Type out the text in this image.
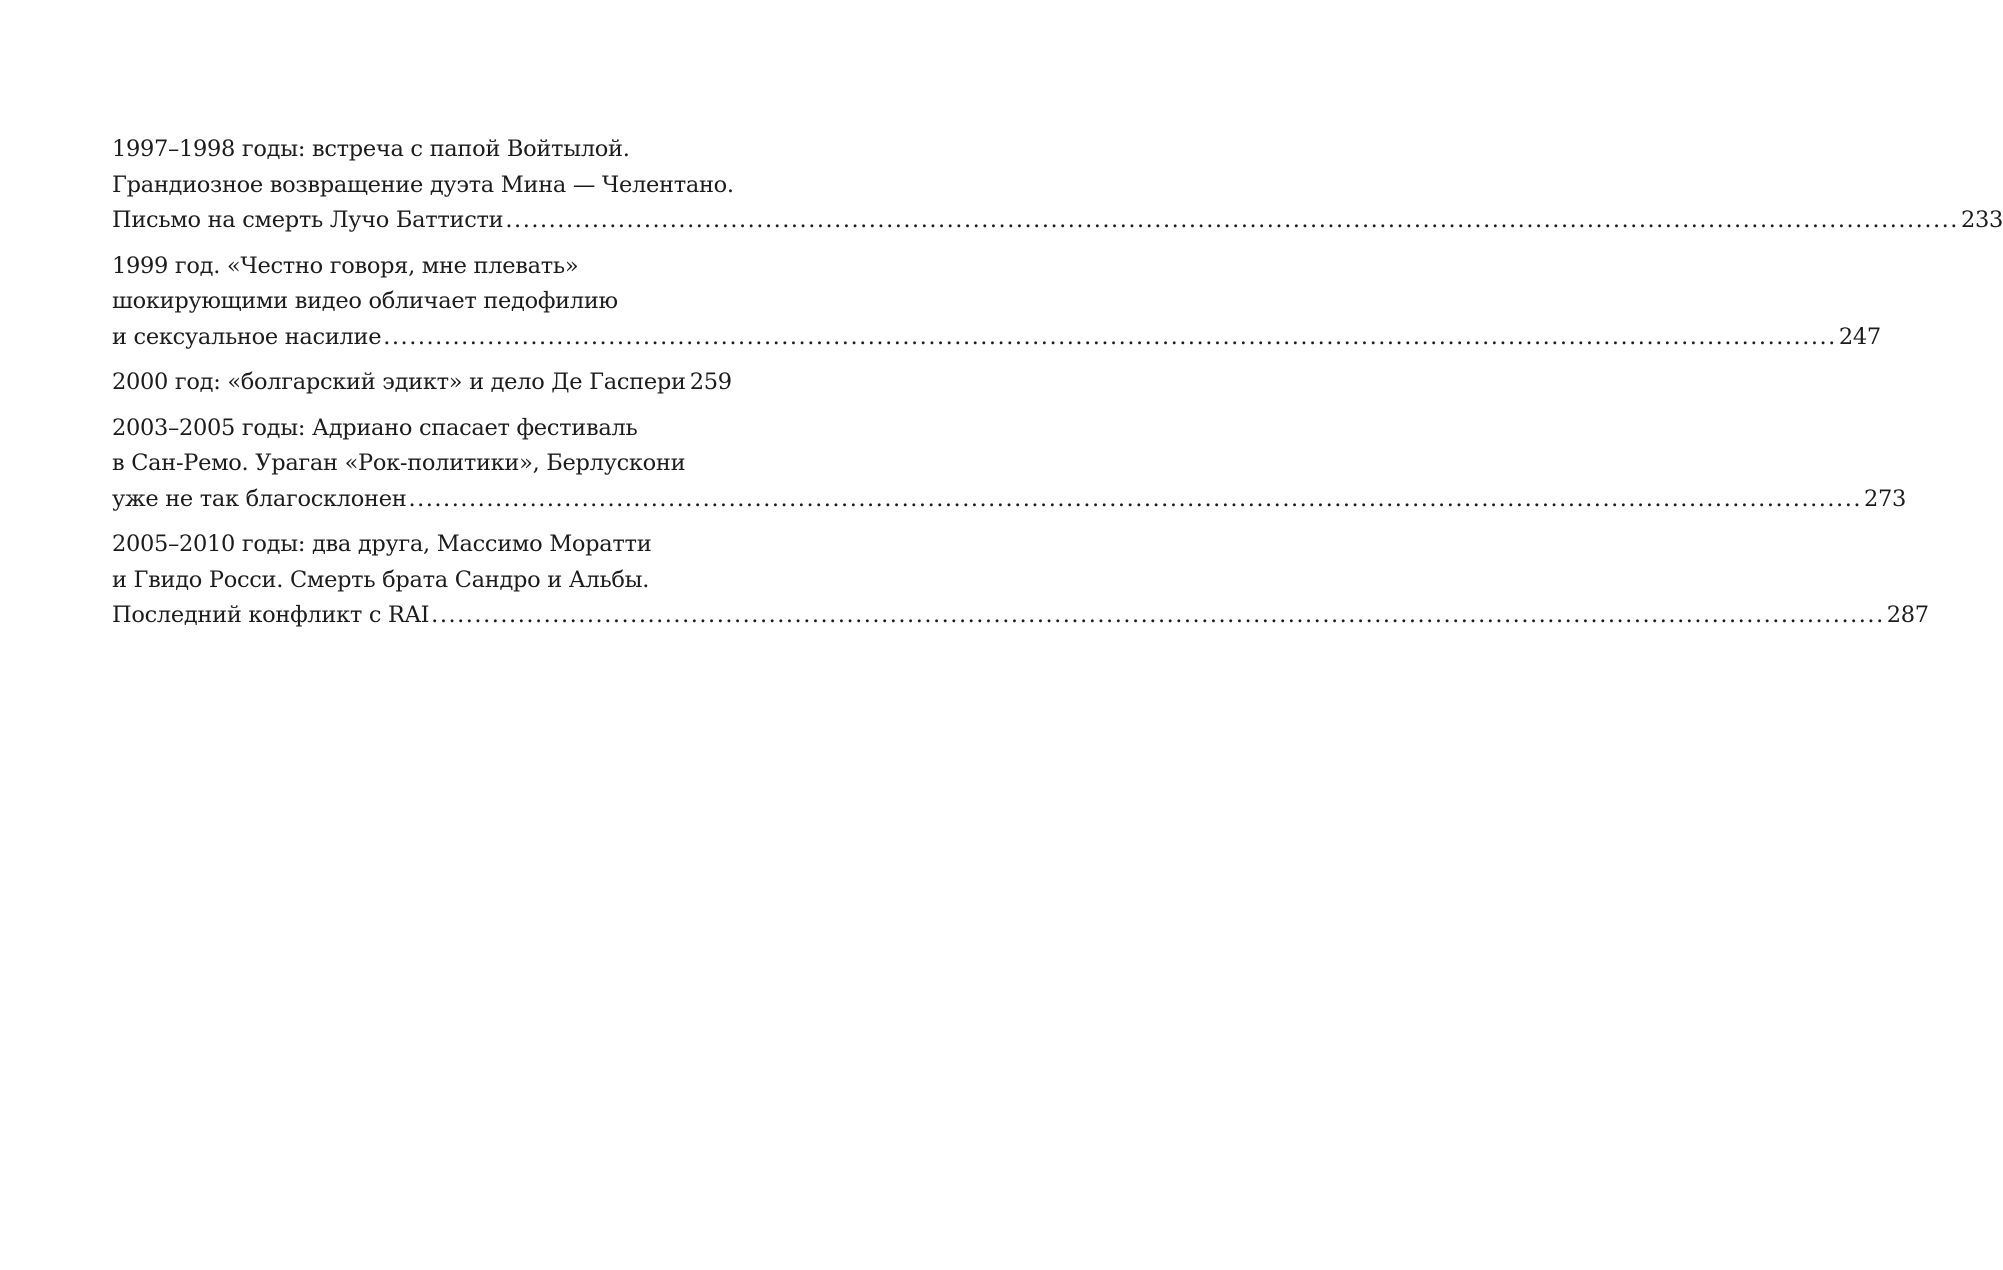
1997–1998 годы: встреча с папой Войтылой.
Грандиозное возвращение дуэта Мина — Челентано.
Письмо на смерть Лучо Баттисти .....	233
1999 год. «Честно говоря, мне плевать»
шокирующими видео обличает педофилию
и сексуальное насилие .....	247
2000 год: «болгарский эдикт» и дело Де Гаспери 259
2003–2005 годы: Адриано спасает фестиваль
в Сан-Ремо. Ураган «Рок-политики», Берлускони
уже не так благосклонен .....	273
2005–2010 годы: два друга, Массимо Моратти
и Гвидо Росси. Смерть брата Сандро и Альбы.
Последний конфликт с RAI .....	287
